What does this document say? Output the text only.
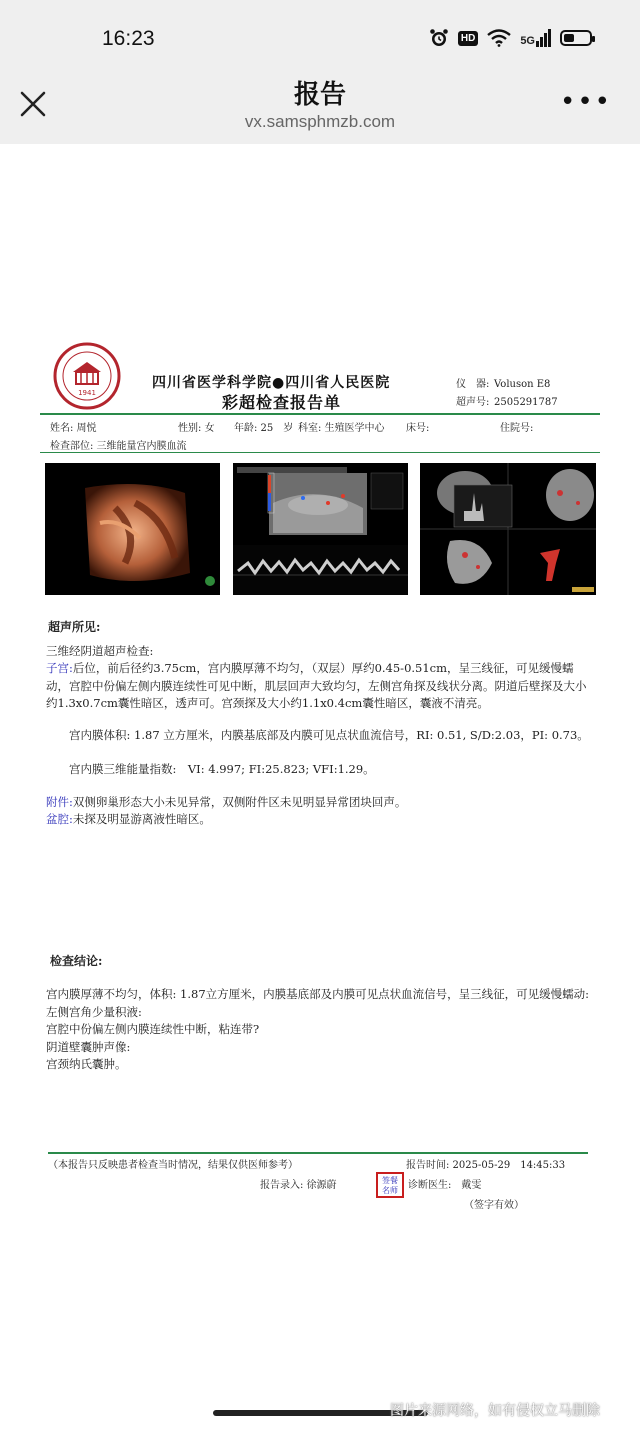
16:23	HD	5G
报告
vx.samsphmzb.com
•••
1941
四川省医学科学院●四川省人民医院
彩超检查报告单
仪　器: Voluson E8
超声号: 2505291787
姓名: 周悦	性别: 女 年龄: 25　岁 科室: 生殖医学中心 床号:	住院号:
检查部位: 三维能量宫内膜血流
超声所见:
三维经阴道超声检查:
子宫:后位，前后径约3.75cm，宫内膜厚薄不均匀，（双层）厚约0.45-0.51cm，呈三线征，可见缓慢蠕动，宫腔中份偏左侧内膜连续性可见中断，肌层回声大致均匀，左侧宫角探及线状分离。阴道后壁探及大小约1.3x0.7cm囊性暗区，透声可。宫颈探及大小约1.1x0.4cm囊性暗区，囊液不清亮。
　　宫内膜体积: 1.87 立方厘米，内膜基底部及内膜可见点状血流信号，RI: 0.51, S/D:2.03，PI: 0.73。
　　宫内膜三维能量指数:　VI: 4.997; FI:25.823; VFI:1.29。
附件:双侧卵巢形态大小未见异常，双侧附件区未见明显异常团块回声。
盆腔:未探及明显游离液性暗区。
检查结论:
宫内膜厚薄不均匀，体积: 1.87立方厘米，内膜基底部及内膜可见点状血流信号，呈三线征，可见缓慢蠕动:
左侧宫角少量积液:
宫腔中份偏左侧内膜连续性中断，粘连带?
阴道壁囊肿声像:
宫颈纳氏囊肿。
（本报告只反映患者检查当时情况，结果仅供医师参考）	报告时间: 2025-05-29　14:45:33
报告录入: 徐源蔚	签餐 名师	诊断医生:　戴雯
（签字有效）
图片来源网络，如有侵权立马删除
